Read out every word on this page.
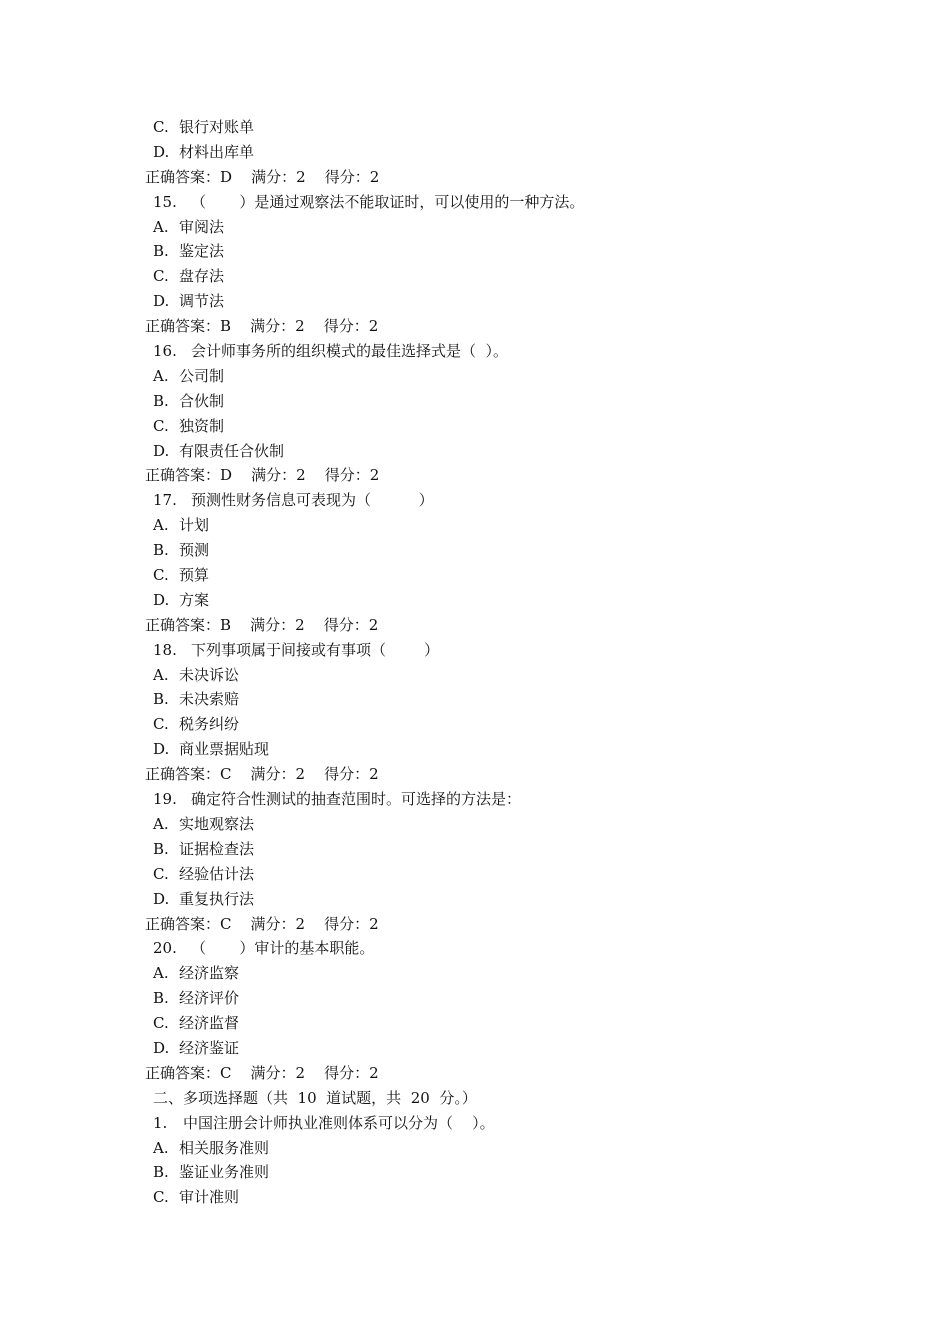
C. 银行对账单
D. 材料出库单
正确答案：D    满分：2    得分：2
15. （       ）是通过观察法不能取证时，可以使用的一种方法。
A. 审阅法
B. 鉴定法
C. 盘存法
D. 调节法
正确答案：B    满分：2    得分：2
16. 会计师事务所的组织模式的最佳选择式是（  ）。
A. 公司制
B. 合伙制
C. 独资制
D. 有限责任合伙制
正确答案：D    满分：2    得分：2
17. 预测性财务信息可表现为（          ）
A. 计划
B. 预测
C. 预算
D. 方案
正确答案：B    满分：2    得分：2
18. 下列事项属于间接或有事项（        ）
A. 未决诉讼
B. 未决索赔
C. 税务纠纷
D. 商业票据贴现
正确答案：C    满分：2    得分：2
19. 确定符合性测试的抽查范围时。可选择的方法是：
A. 实地观察法
B. 证据检查法
C. 经验估计法
D. 重复执行法
正确答案：C    满分：2    得分：2
20. （       ）审计的基本职能。
A. 经济监察
B. 经济评价
C. 经济监督
D. 经济鉴证
正确答案：C    满分：2    得分：2
二、多项选择题（共  10  道试题，共  20  分。）
1. 中国注册会计师执业准则体系可以分为（    ）。
A. 相关服务准则
B. 鉴证业务准则
C. 审计准则
